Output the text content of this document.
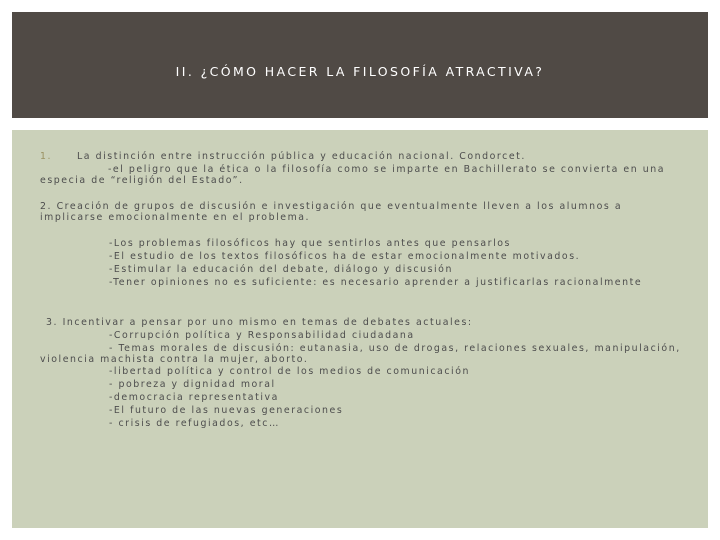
II. ¿CÓMO HACER LA FILOSOFÍA ATRACTIVA?
1.	La distinción entre instrucción pública y educación nacional. Condorcet.
-el peligro que la ética o la filosofía como se imparte en Bachillerato se convierta en una
especia de “religión del Estado”.
2. Creación de grupos de discusión e investigación que eventualmente lleven a los alumnos a
implicarse emocionalmente en el problema.
-Los problemas filosóficos hay que sentirlos antes que pensarlos
-El estudio de los textos filosóficos ha de estar emocionalmente motivados.
-Estimular la educación del debate, diálogo y discusión
-Tener opiniones no es suficiente: es necesario aprender a justificarlas racionalmente
3. Incentivar a pensar por uno mismo en temas de debates actuales:
-Corrupción política y Responsabilidad ciudadana
- Temas morales de discusión: eutanasia, uso de drogas, relaciones sexuales, manipulación,
violencia machista contra la mujer, aborto.
-libertad política y control de los medios de comunicación
- pobreza y dignidad moral
-democracia representativa
-El futuro de las nuevas generaciones
- crisis de refugiados, etc…
